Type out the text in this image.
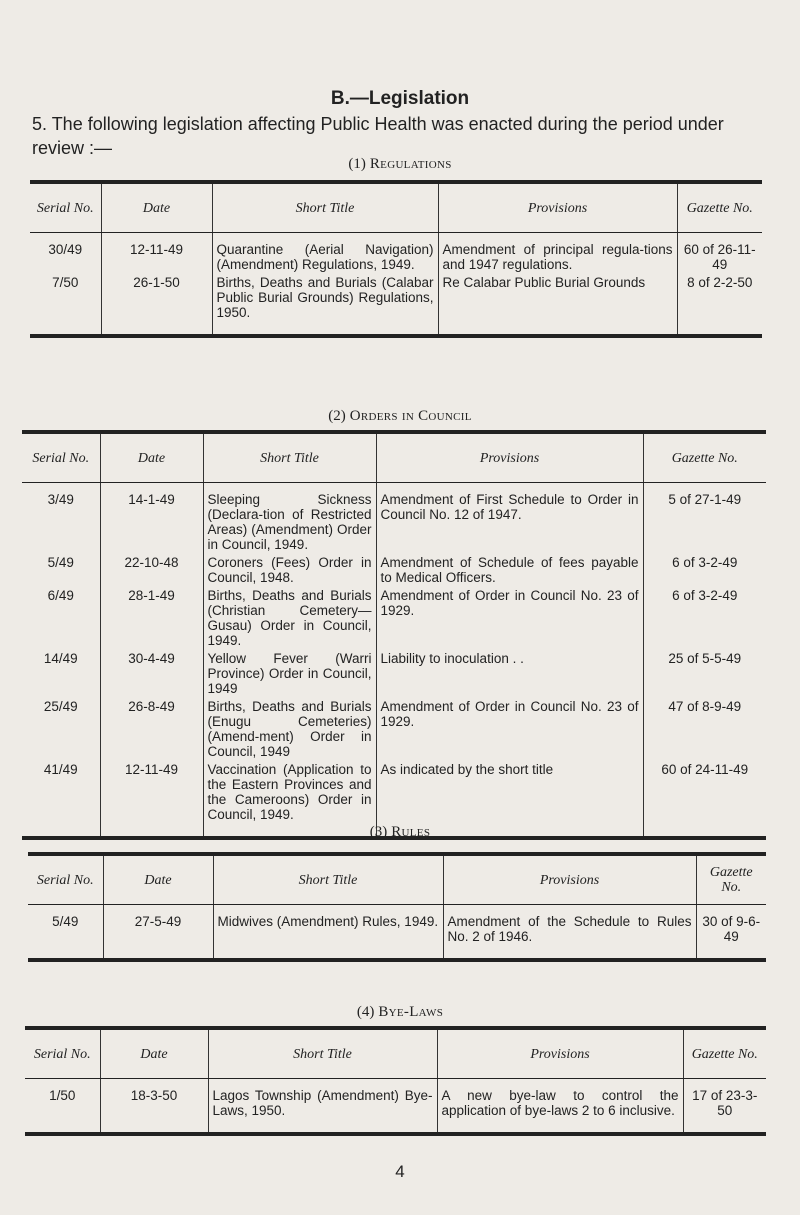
B.—Legislation
5. The following legislation affecting Public Health was enacted during the period under review :—
(1) Regulations
Serial No.	Date	Short Title	Provisions	Gazette No.
30/49	12-11-49	Quarantine (Aerial Navigation) (Amendment) Regulations, 1949.	Amendment of principal regula-tions and 1947 regulations.	60 of 26-11-49
7/50	26-1-50	Births, Deaths and Burials (Calabar Public Burial Grounds) Regulations, 1950.	Re Calabar Public Burial Grounds	8 of 2-2-50
(2) Orders in Council
Serial No.	Date	Short Title	Provisions	Gazette No.
3/49	14-1-49	Sleeping Sickness (Declara-tion of Restricted Areas) (Amendment) Order in Council, 1949.	Amendment of First Schedule to Order in Council No. 12 of 1947.	5 of 27-1-49
5/49	22-10-48	Coroners (Fees) Order in Council, 1948.	Amendment of Schedule of fees payable to Medical Officers.	6 of 3-2-49
6/49	28-1-49	Births, Deaths and Burials (Christian Cemetery—Gusau) Order in Council, 1949.	Amendment of Order in Council No. 23 of 1929.	6 of 3-2-49
14/49	30-4-49	Yellow Fever (Warri Province) Order in Council, 1949	Liability to inoculation . .	25 of 5-5-49
25/49	26-8-49	Births, Deaths and Burials (Enugu Cemeteries) (Amend-ment) Order in Council, 1949	Amendment of Order in Council No. 23 of 1929.	47 of 8-9-49
41/49	12-11-49	Vaccination (Application to the Eastern Provinces and the Cameroons) Order in Council, 1949.	As indicated by the short title	60 of 24-11-49
(3) Rules
Serial No.	Date	Short Title	Provisions	Gazette No.
5/49	27-5-49	Midwives (Amendment) Rules, 1949.	Amendment of the Schedule to Rules No. 2 of 1946.	30 of 9-6-49
(4) Bye-Laws
Serial No.	Date	Short Title	Provisions	Gazette No.
1/50	18-3-50	Lagos Township (Amendment) Bye-Laws, 1950.	A new bye-law to control the application of bye-laws 2 to 6 inclusive.	17 of 23-3-50
4
